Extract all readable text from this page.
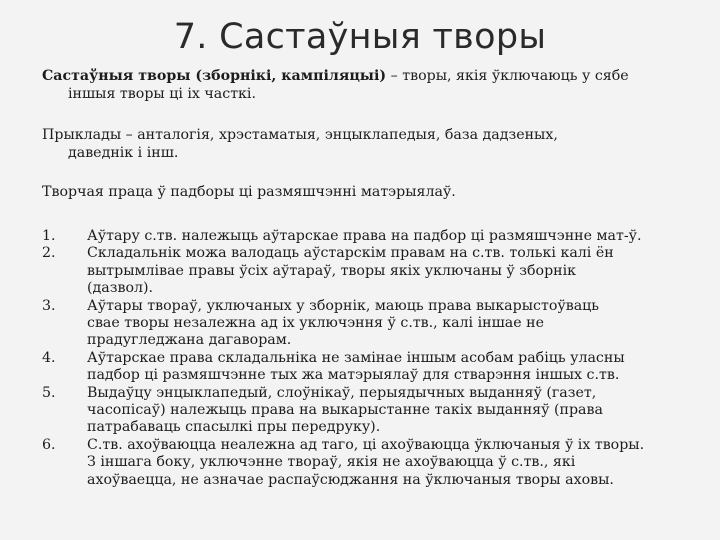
7. Састаўныя творы

Састаўныя творы (зборнікі, кампіляцыі) – творы, якія ўключаюць у сябе
іншыя творы ці іх часткі.

Прыклады – анталогія, хрэстаматыя, энцыклапедыя, база дадзеных,
даведнік і інш.

Творчая праца ў падборы ці размяшчэнні матэрыялаў.

1. Аўтару с.тв. належыць аўтарскае права на падбор ці размяшчэнне мат-ў.
2. Складальнік можа валодаць аўстарскім правам на с.тв. толькі калі ён
вытрымлівае правы ўсіх аўтараў, творы якіх уключаны ў зборнік
(дазвол).
3. Аўтары твораў, уключаных у зборнік, маюць права выкарыстоўваць
свае творы незалежна ад іх уключэння ў с.тв., калі іншае не
прадугледжана дагаворам.
4. Аўтарскае права складальніка не замінае іншым асобам рабіць уласны
падбор ці размяшчэнне тых жа матэрыялаў для стварэння іншых с.тв.
5. Выдаўцу энцыклапедый, слоўнікаў, перыядычных выданняў (газет,
часопісаў) належыць права на выкарыстанне такіх выданняў (права
патрабаваць спасылкі пры передруку).
6. С.тв. ахоўваюцца неалежна ад таго, ці ахоўваюцца ўключаныя ў іх творы.
З іншага боку, уключэнне твораў, якія не ахоўваюцца ў с.тв., які
ахоўваецца, не азначае распаўсюджання на ўключаныя творы аховы.
